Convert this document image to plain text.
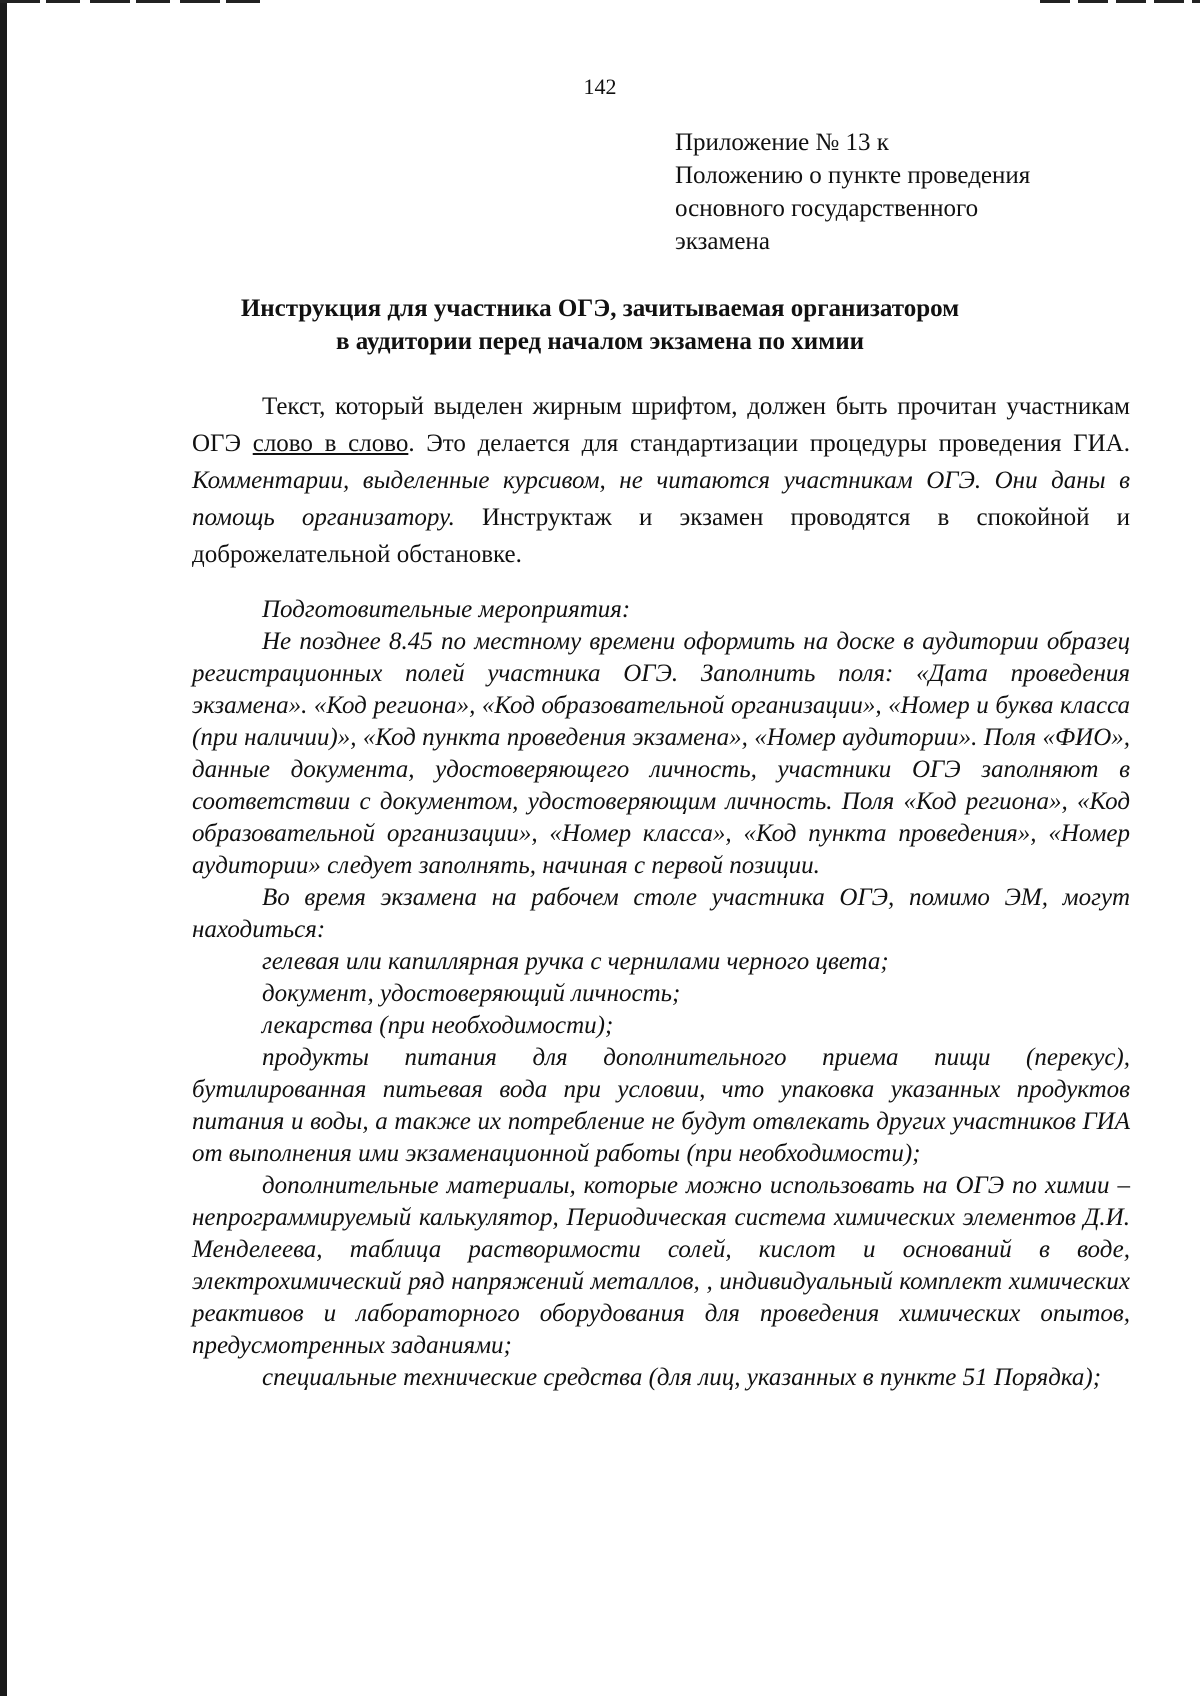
142
Приложение № 13 к
Положению о пункте проведения
основного государственного
экзамена
Инструкция для участника ОГЭ, зачитываемая организатором
в аудитории перед началом экзамена по химии

Текст, который выделен жирным шрифтом, должен быть прочитан участникам ОГЭ слово в слово. Это делается для стандартизации процедуры проведения ГИА. Комментарии, выделенные курсивом, не читаются участникам ОГЭ. Они даны в помощь организатору. Инструктаж и экзамен проводятся в спокойной и доброжелательной обстановке.

Подготовительные мероприятия:

Не позднее 8.45 по местному времени оформить на доске в аудитории образец регистрационных полей участника ОГЭ. Заполнить поля: «Дата проведения экзамена». «Код региона», «Код образовательной организации», «Номер и буква класса (при наличии)», «Код пункта проведения экзамена», «Номер аудитории». Поля «ФИО», данные документа, удостоверяющего личность, участники ОГЭ заполняют в соответствии с документом, удостоверяющим личность. Поля «Код региона», «Код образовательной организации», «Номер класса», «Код пункта проведения», «Номер аудитории» следует заполнять, начиная с первой позиции.

Во время экзамена на рабочем столе участника ОГЭ, помимо ЭМ, могут находиться:

гелевая или капиллярная ручка с чернилами черного цвета;

документ, удостоверяющий личность;

лекарства (при необходимости);

продукты питания для дополнительного приема пищи (перекус), бутилированная питьевая вода при условии, что упаковка указанных продуктов питания и воды, а также их потребление не будут отвлекать других участников ГИА от выполнения ими экзаменационной работы (при необходимости);

дополнительные материалы, которые можно использовать на ОГЭ по химии – непрограммируемый калькулятор, Периодическая система химических элементов Д.И. Менделеева, таблица растворимости солей, кислот и оснований в воде, электрохимический ряд напряжений металлов, , индивидуальный комплект химических реактивов и лабораторного оборудования для проведения химических опытов, предусмотренных заданиями;

специальные технические средства (для лиц, указанных в пункте 51 Порядка);
